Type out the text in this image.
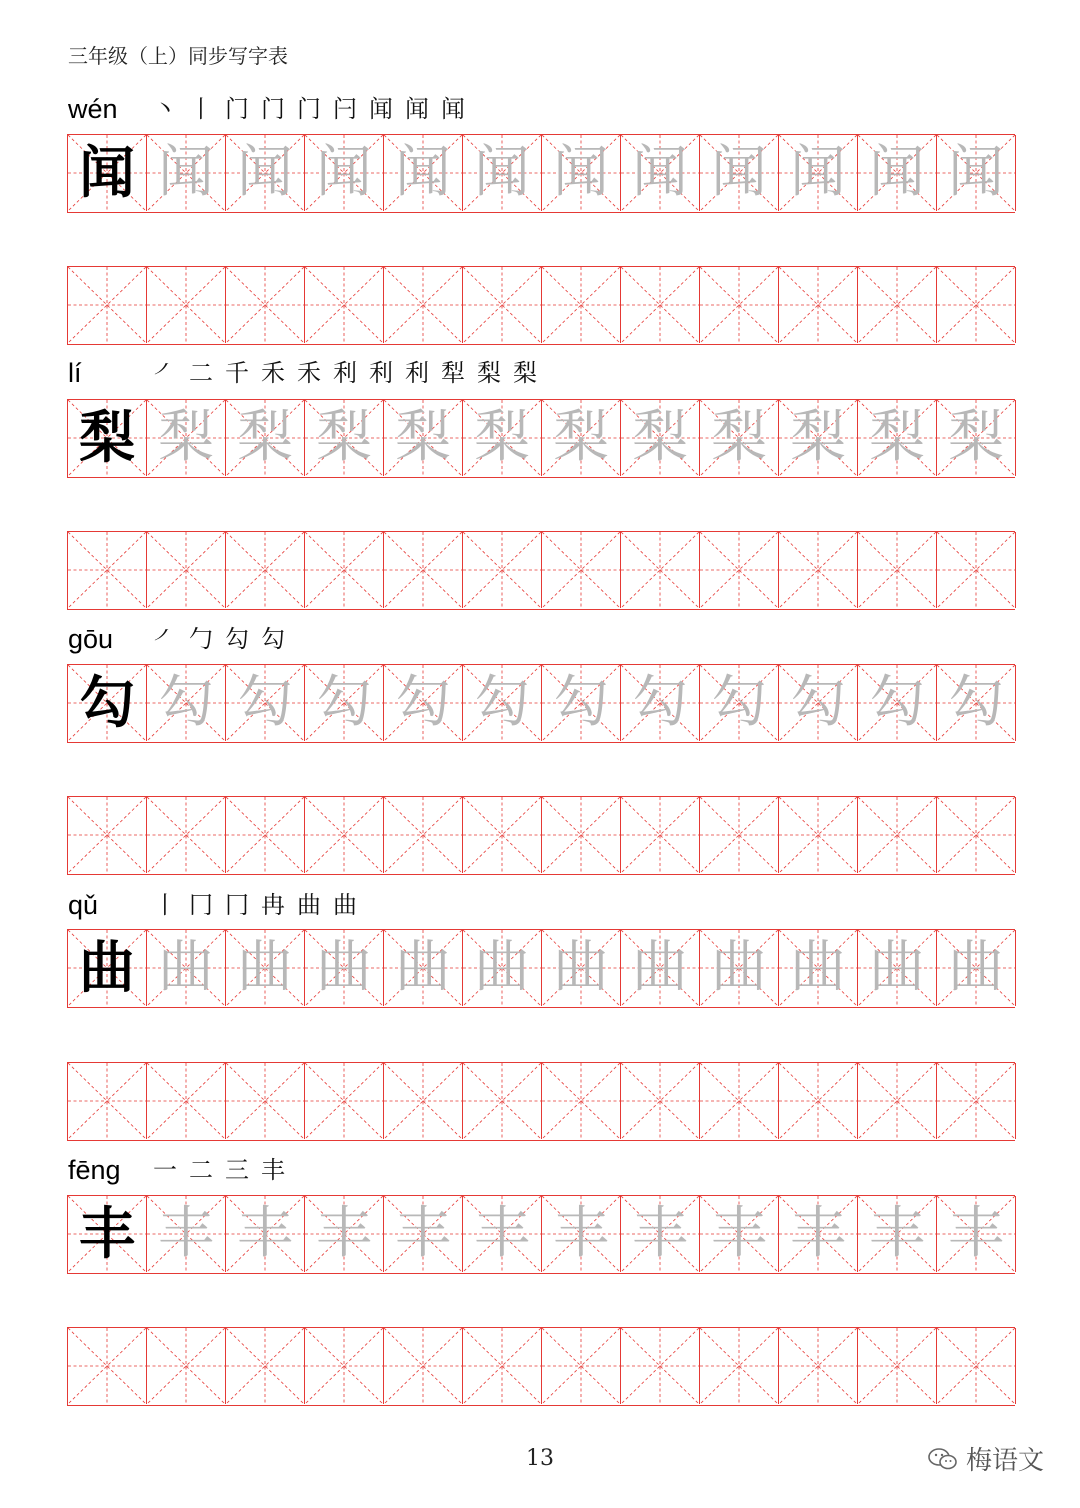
三年级（上）同步写字表
wén	丶 丨 门 门 门 闩 闻 闻 闻
闻 闻 闻 闻 闻 闻 闻 闻 闻 闻 闻 闻
lí	㇒ 二 千 禾 禾 利 利 利 犁 梨 梨
梨 梨 梨 梨 梨 梨 梨 梨 梨 梨 梨 梨
gōu	㇒ 勹 勾 勾
勾 勾 勾 勾 勾 勾 勾 勾 勾 勾 勾 勾
qǔ	丨 冂 冂 冉 曲 曲
曲 曲 曲 曲 曲 曲 曲 曲 曲 曲 曲 曲
fēng	一 二 三 丰
丰 丰 丰 丰 丰 丰 丰 丰 丰 丰 丰 丰
13	梅语文
